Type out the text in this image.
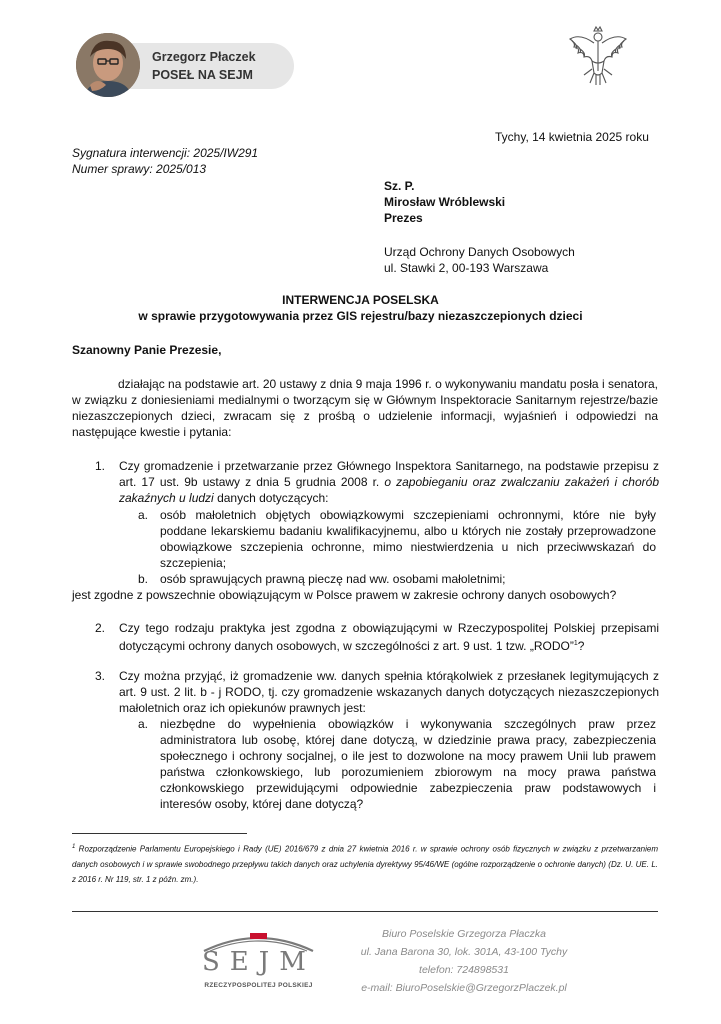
Grzegorz Płaczek
POSEŁ NA SEJM
Tychy, 14 kwietnia 2025 roku
Sygnatura interwencji: 2025/IW291
Numer sprawy: 2025/013
Sz. P.
Mirosław Wróblewski
Prezes
Urząd Ochrony Danych Osobowych
ul. Stawki 2, 00-193 Warszawa
INTERWENCJA POSELSKA
w sprawie przygotowywania przez GIS rejestru/bazy niezaszczepionych dzieci
Szanowny Panie Prezesie,
działając na podstawie art. 20 ustawy z dnia 9 maja 1996 r. o wykonywaniu mandatu posła i senatora, w związku z doniesieniami medialnymi o tworzącym się w Głównym Inspektoracie Sanitarnym rejestrze/bazie niezaszczepionych dzieci, zwracam się z prośbą o udzielenie informacji, wyjaśnień i odpowiedzi na następujące kwestie i pytania:
1. Czy gromadzenie i przetwarzanie przez Głównego Inspektora Sanitarnego, na podstawie przepisu z art. 17 ust. 9b ustawy z dnia 5 grudnia 2008 r. o zapobieganiu oraz zwalczaniu zakażeń i chorób zakaźnych u ludzi danych dotyczących:
a. osób małoletnich objętych obowiązkowymi szczepieniami ochronnymi, które nie były poddane lekarskiemu badaniu kwalifikacyjnemu, albo u których nie zostały przeprowadzone obowiązkowe szczepienia ochronne, mimo niestwierdzenia u nich przeciwwskazań do szczepienia;
b. osób sprawujących prawną pieczę nad ww. osobami małoletnimi;
jest zgodne z powszechnie obowiązującym w Polsce prawem w zakresie ochrony danych osobowych?
2. Czy tego rodzaju praktyka jest zgodna z obowiązującymi w Rzeczypospolitej Polskiej przepisami dotyczącymi ochrony danych osobowych, w szczególności z art. 9 ust. 1 tzw. „RODO”$^1$?
3. Czy można przyjąć, iż gromadzenie ww. danych spełnia którąkolwiek z przesłanek legitymujących z art. 9 ust. 2 lit. b - j RODO, tj. czy gromadzenie wskazanych danych dotyczących niezaszczepionych małoletnich oraz ich opiekunów prawnych jest:
a. niezbędne do wypełnienia obowiązków i wykonywania szczególnych praw przez administratora lub osobę, której dane dotyczą, w dziedzinie prawa pracy, zabezpieczenia społecznego i ochrony socjalnej, o ile jest to dozwolone na mocy prawem Unii lub prawem państwa członkowskiego, lub porozumieniem zbiorowym na mocy prawa państwa członkowskiego przewidującymi odpowiednie zabezpieczenia praw podstawowych i interesów osoby, której dane dotyczą?
$^1$ Rozporządzenie Parlamentu Europejskiego i Rady (UE) 2016/679 z dnia 27 kwietnia 2016 r. w sprawie ochrony osób fizycznych w związku z przetwarzaniem danych osobowych i w sprawie swobodnego przepływu takich danych oraz uchylenia dyrektywy 95/46/WE (ogólne rozporządzenie o ochronie danych) (Dz. U. UE. L. z 2016 r. Nr 119, str. 1 z późn. zm.).
SEJM
RZECZYPOSPOLITEJ POLSKIEJ
Biuro Poselskie Grzegorza Płaczka
ul. Jana Barona 30, lok. 301A, 43-100 Tychy
telefon: 724898531
e-mail: BiuroPoselskie@GrzegorzPlaczek.pl
